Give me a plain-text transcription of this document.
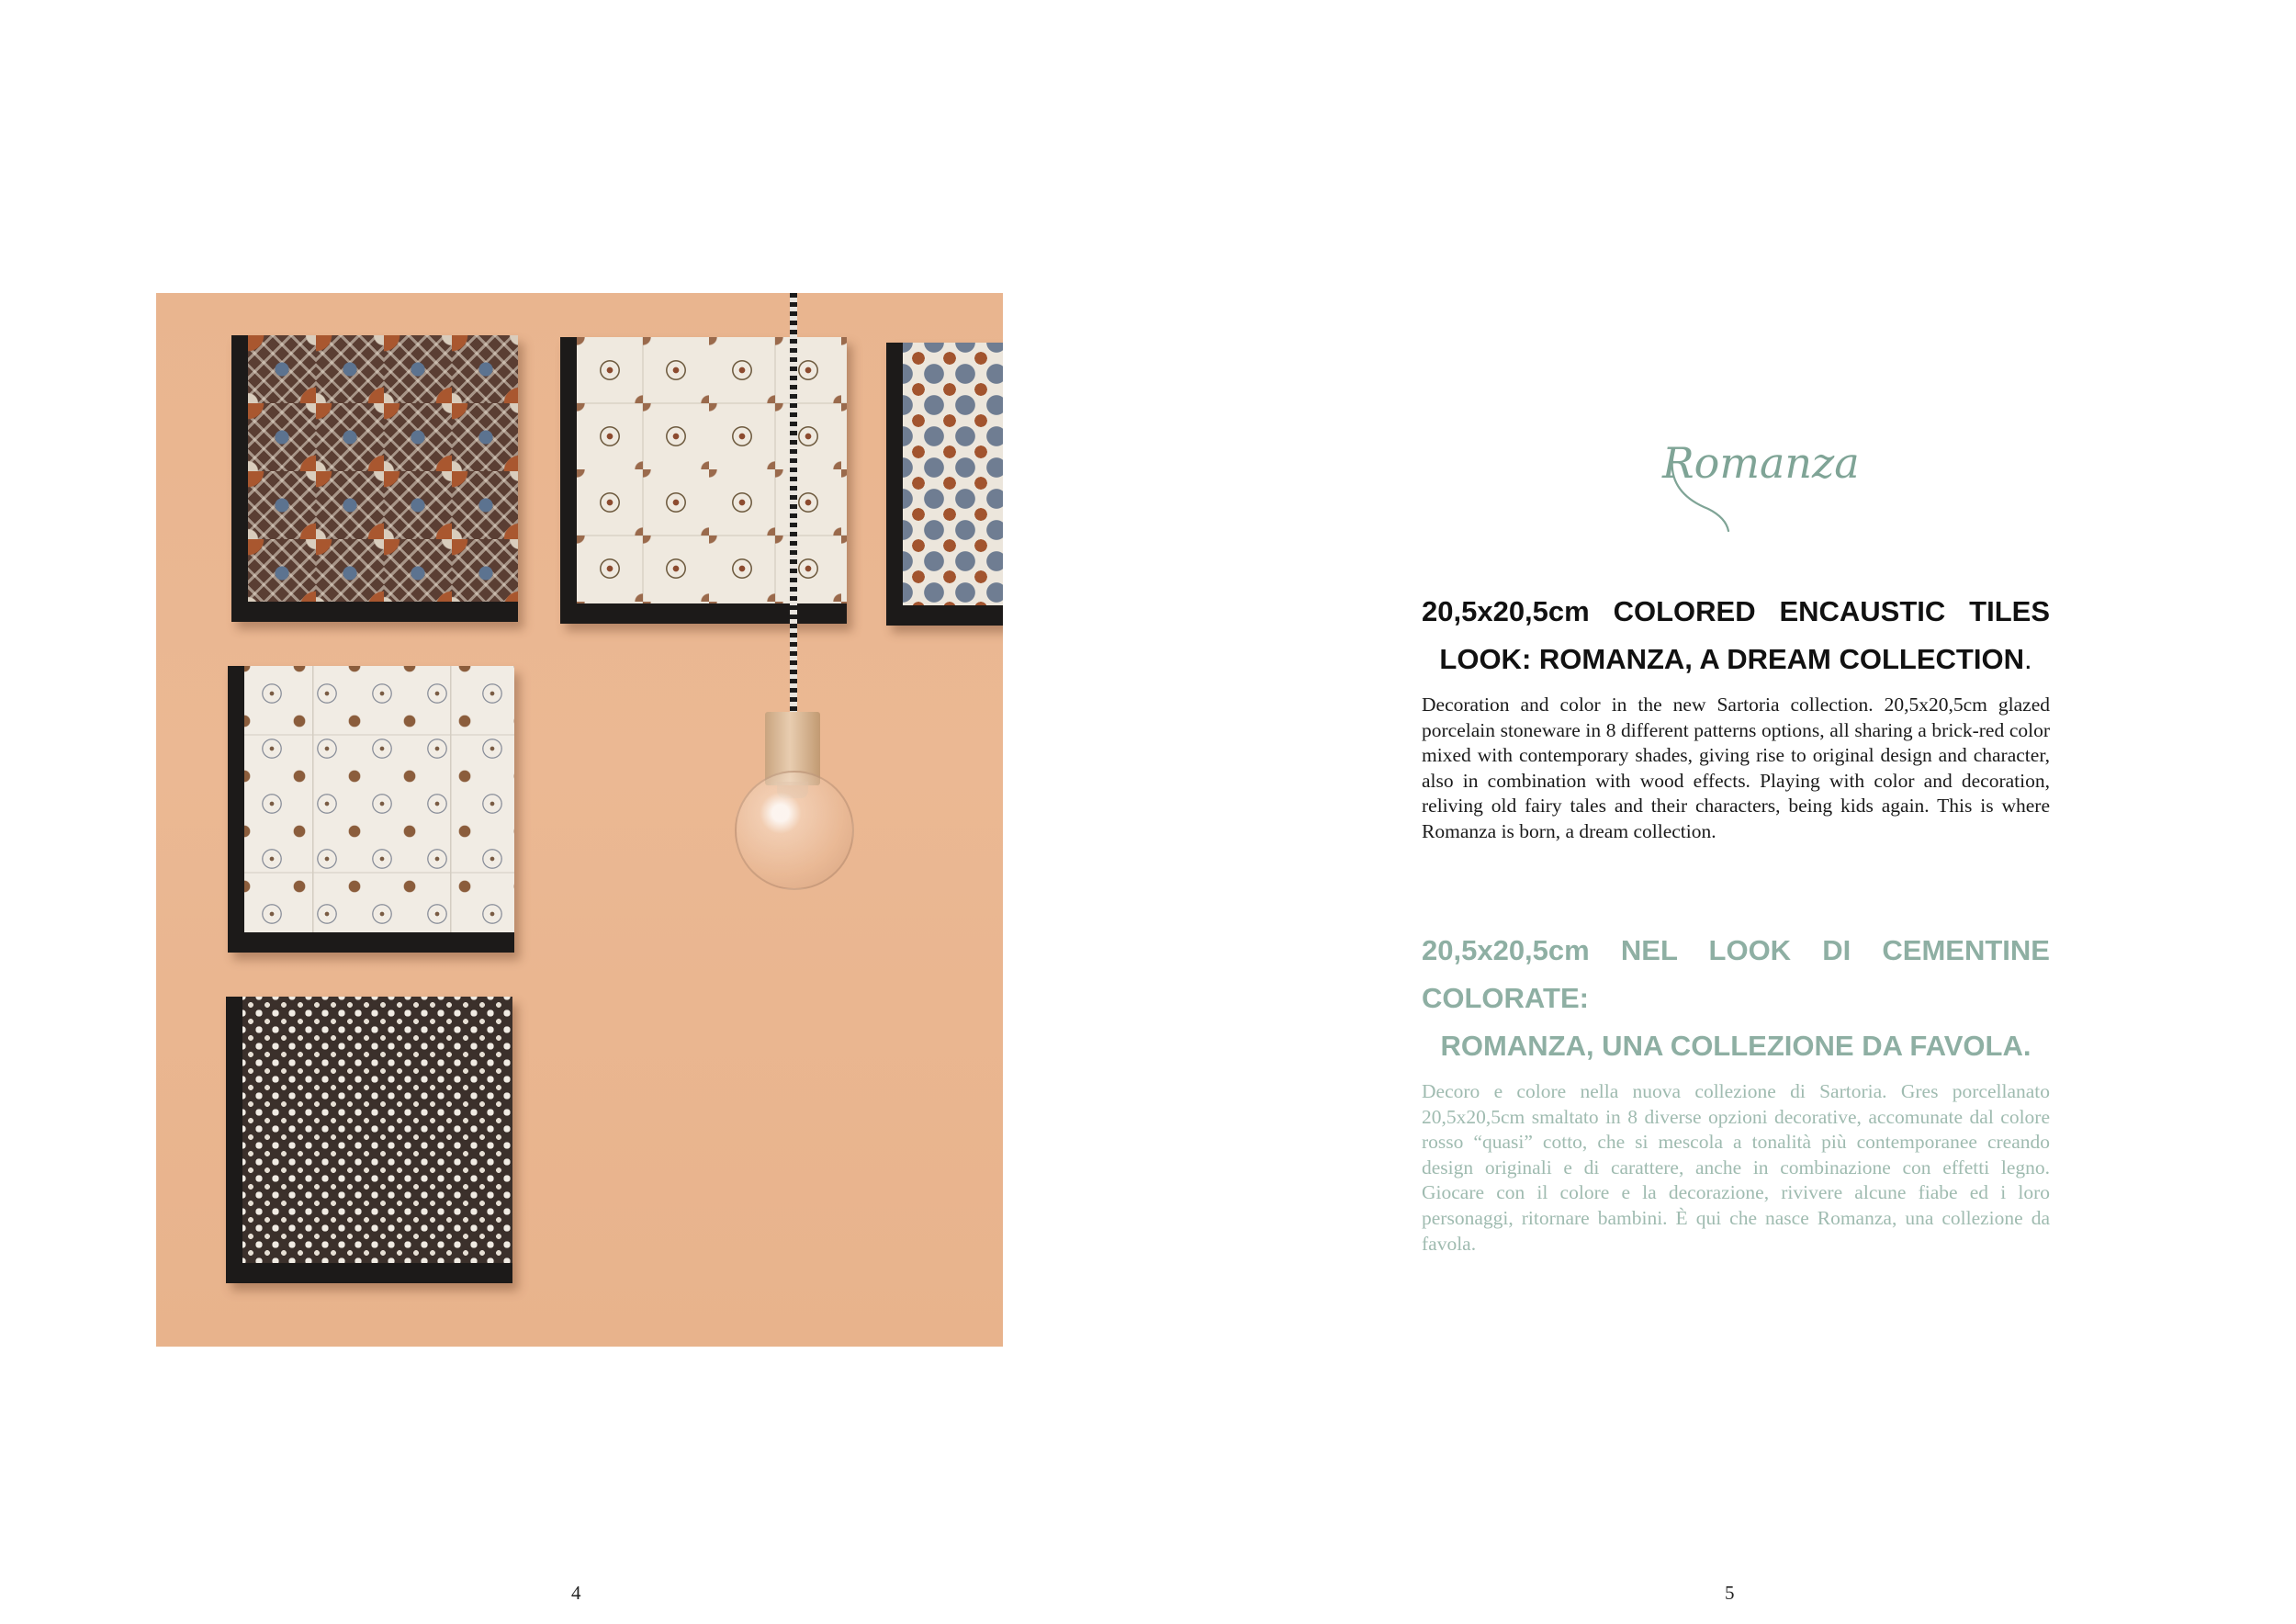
4
Romanza
20,5x20,5cm COLORED ENCAUSTIC TILES
LOOK: ROMANZA, A DREAM COLLECTION.

Decoration and color in the new Sartoria collection. 20,5x20,5cm glazed porcelain stoneware in 8 different patterns options, all sharing a brick-red color mixed with contemporary shades, giving rise to original design and character, also in combination with wood effects. Playing with color and decoration, reliving old fairy tales and their characters, being kids again. This is where Romanza is born, a dream collection.

20,5x20,5cm NEL LOOK DI CEMENTINE COLORATE:
ROMANZA, UNA COLLEZIONE DA FAVOLA.

Decoro e colore nella nuova collezione di Sartoria. Gres porcellanato 20,5x20,5cm smaltato in 8 diverse opzioni decorative, accomunate dal colore rosso “quasi” cotto, che si mescola a tonalità più contemporanee creando design originali e di carattere, anche in combinazione con effetti legno. Giocare con il colore e la decorazione, rivivere alcune fiabe ed i loro personaggi, ritornare bambini. È qui che nasce Romanza, una collezione da favola.

5
